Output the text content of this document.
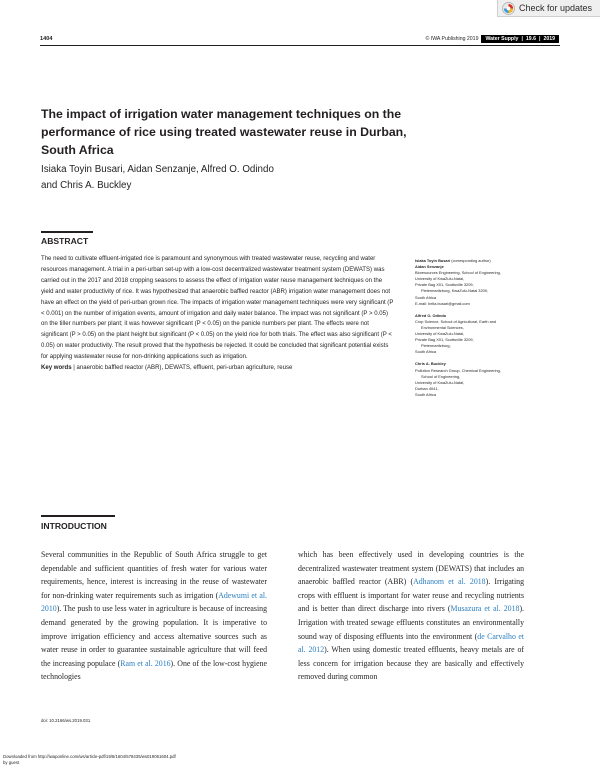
Check for updates
1404	© IWA Publishing 2019 Water Supply | 19.6 | 2019
The impact of irrigation water management techniques on the performance of rice using treated wastewater reuse in Durban, South Africa
Isiaka Toyin Busari, Aidan Senzanje, Alfred O. Odindo
and Chris A. Buckley
ABSTRACT

The need to cultivate effluent-irrigated rice is paramount and synonymous with treated wastewater reuse, recycling and water resources management. A trial in a peri-urban set-up with a low-cost decentralized wastewater treatment system (DEWATS) was carried out in the 2017 and 2018 cropping seasons to assess the effect of irrigation water reuse management techniques on the yield and water productivity of rice. It was hypothesized that anaerobic baffled reactor (ABR) irrigation water management does not have an effect on the yield of peri-urban grown rice. The impacts of irrigation water management techniques were very significant (P < 0.001) on the number of irrigation events, amount of irrigation and daily water balance. The impact was not significant (P > 0.05) on the tiller numbers per plant; it was however significant (P < 0.05) on the panicle numbers per plant. The effects were not significant (P > 0.05) on the plant height but significant (P < 0.05) on the yield rice for both trials. The effect was also significant (P < 0.05) on water productivity. The result proved that the hypothesis be rejected. It could be concluded that significant potential exists for applying wastewater reuse for non-drinking applications such as irrigation.

Key words | anaerobic baffled reactor (ABR), DEWATS, effluent, peri-urban agriculture, reuse

Isiaka Toyin Busari (corresponding author)
Aidan Senzanje
Bioresources Engineering, School of Engineering,
University of KwaZulu-Natal,
Private Bag X01, Scottsville 3209,
Pietermaritzburg, KwaZulu-Natal 3209,
South Africa
E-mail: bella.busari@gmail.com
Alfred O. Odindo
Crop Science, School of Agricultural, Earth and
Environmental Sciences,
University of KwaZulu-Natal,
Private Bag X01, Scottsville 3209,
Pietermaritzburg,
South Africa
Chris A. Buckley
Pollution Research Group, Chemical Engineering,
School of Engineering,
University of KwaZulu-Natal,
Durban 4041,
South Africa
INTRODUCTION
Several communities in the Republic of South Africa struggle to get dependable and sufficient quantities of fresh water for various water requirements, hence, interest is increasing in the reuse of wastewater for non-drinking water requirements such as irrigation (Adewumi et al. 2010). The push to use less water in agriculture is because of increasing demand generated by the growing population. It is imperative to improve irrigation efficiency and access alternative sources such as water reuse in order to guarantee sustainable agriculture that will feed the increasing populace (Ram et al. 2016). One of the low-cost hygiene technologies
which has been effectively used in developing countries is the decentralized wastewater treatment system (DEWATS) that includes an anaerobic baffled reactor (ABR) (Adhanom et al. 2018). Irrigating crops with effluent is important for water reuse and recycling nutrients and is better than direct discharge into rivers (Musazura et al. 2018). Irrigation with treated sewage effluents constitutes an environmentally sound way of disposing effluents into the environment (de Carvalho et al. 2012). When using domestic treated effluents, heavy metals are of less concern for irrigation because they are basically and effectively removed during common
doi: 10.2166/ws.2019.031
Downloaded from http://iwaponline.com/ws/article-pdf/19/6/1604/578435/ws019061604.pdf
by guest
